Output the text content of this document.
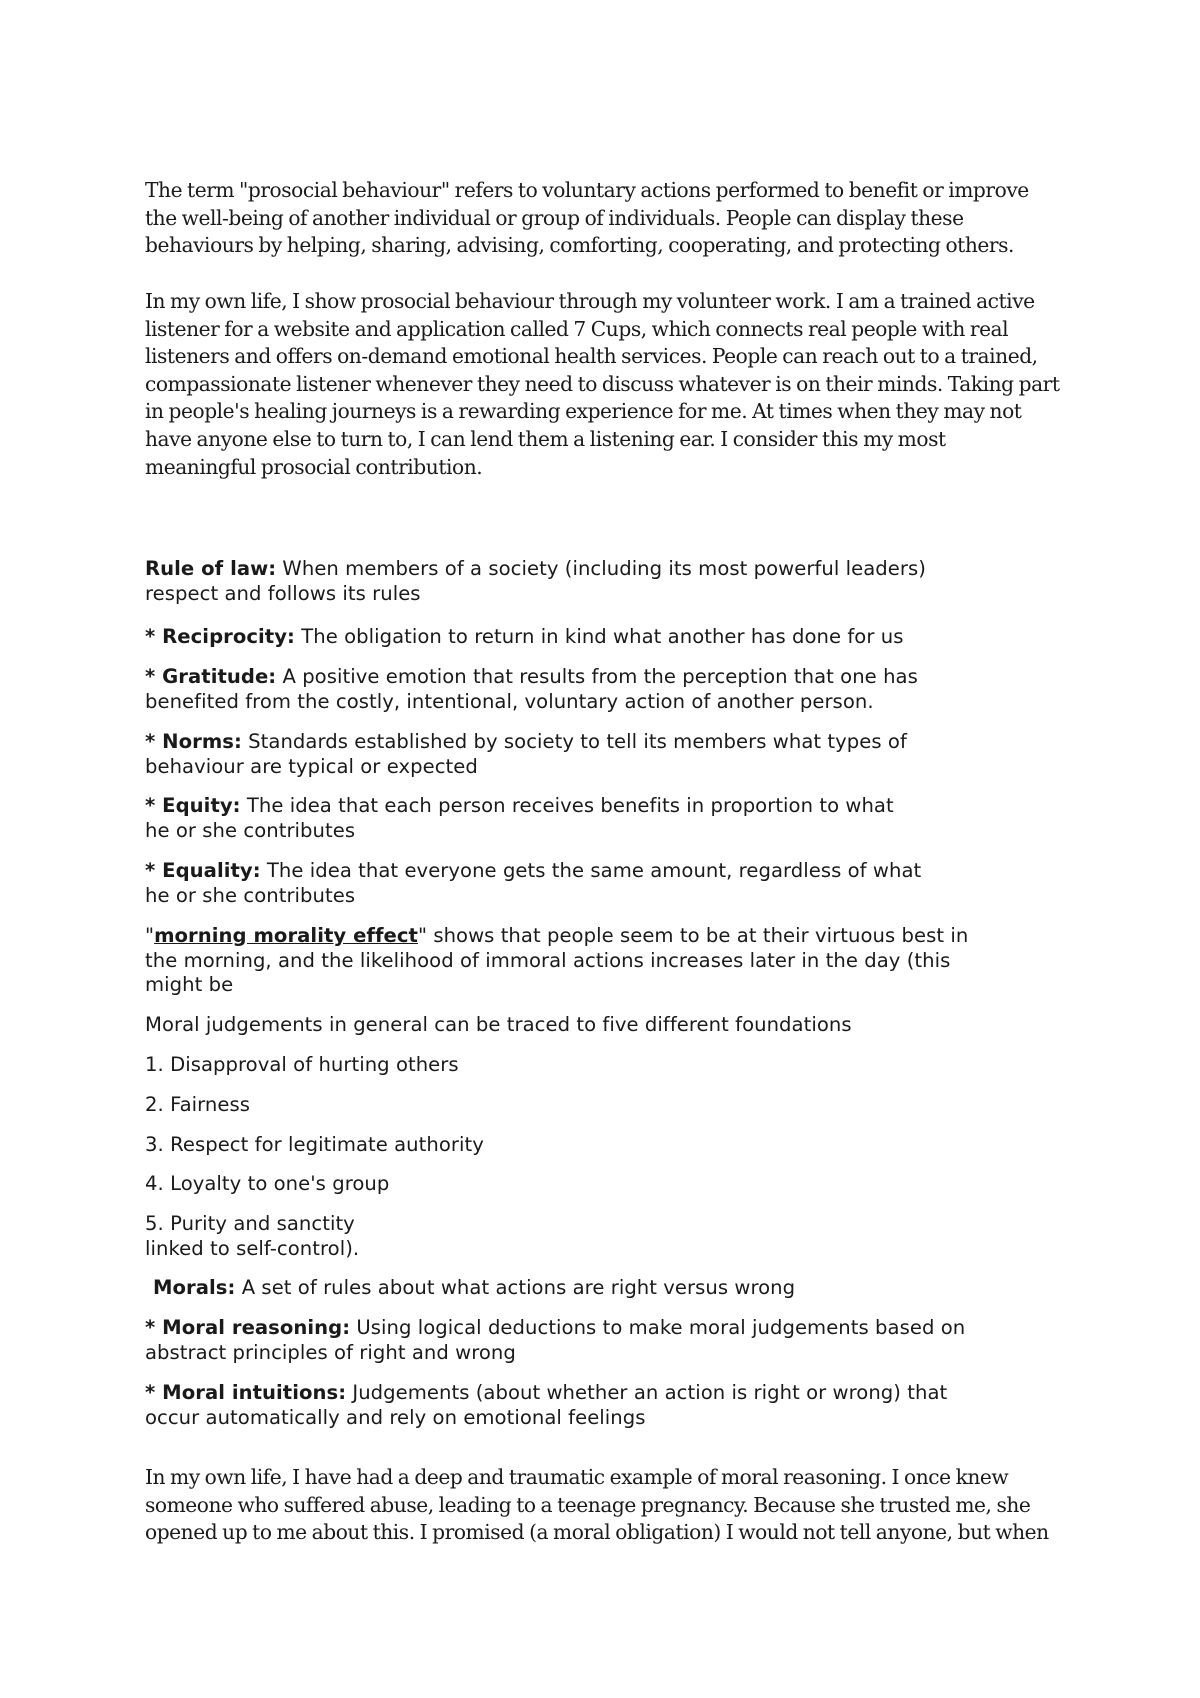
The term "prosocial behaviour" refers to voluntary actions performed to benefit or improve
the well-being of another individual or group of individuals. People can display these
behaviours by helping, sharing, advising, comforting, cooperating, and protecting others.
In my own life, I show prosocial behaviour through my volunteer work. I am a trained active
listener for a website and application called 7 Cups, which connects real people with real
listeners and offers on-demand emotional health services. People can reach out to a trained,
compassionate listener whenever they need to discuss whatever is on their minds. Taking part
in people's healing journeys is a rewarding experience for me. At times when they may not
have anyone else to turn to, I can lend them a listening ear. I consider this my most
meaningful prosocial contribution.
Rule of law: When members of a society (including its most powerful leaders)
respect and follows its rules
* Reciprocity: The obligation to return in kind what another has done for us
* Gratitude: A positive emotion that results from the perception that one has
benefited from the costly, intentional, voluntary action of another person.
* Norms: Standards established by society to tell its members what types of
behaviour are typical or expected
* Equity: The idea that each person receives benefits in proportion to what
he or she contributes
* Equality: The idea that everyone gets the same amount, regardless of what
he or she contributes
"morning morality effect" shows that people seem to be at their virtuous best in
the morning, and the likelihood of immoral actions increases later in the day (this
might be
Moral judgements in general can be traced to five different foundations
1. Disapproval of hurting others
2. Fairness
3. Respect for legitimate authority
4. Loyalty to one's group
5. Purity and sanctity
linked to self-control).
Morals: A set of rules about what actions are right versus wrong
* Moral reasoning: Using logical deductions to make moral judgements based on
abstract principles of right and wrong
* Moral intuitions: Judgements (about whether an action is right or wrong) that
occur automatically and rely on emotional feelings
In my own life, I have had a deep and traumatic example of moral reasoning. I once knew
someone who suffered abuse, leading to a teenage pregnancy. Because she trusted me, she
opened up to me about this. I promised (a moral obligation) I would not tell anyone, but when
